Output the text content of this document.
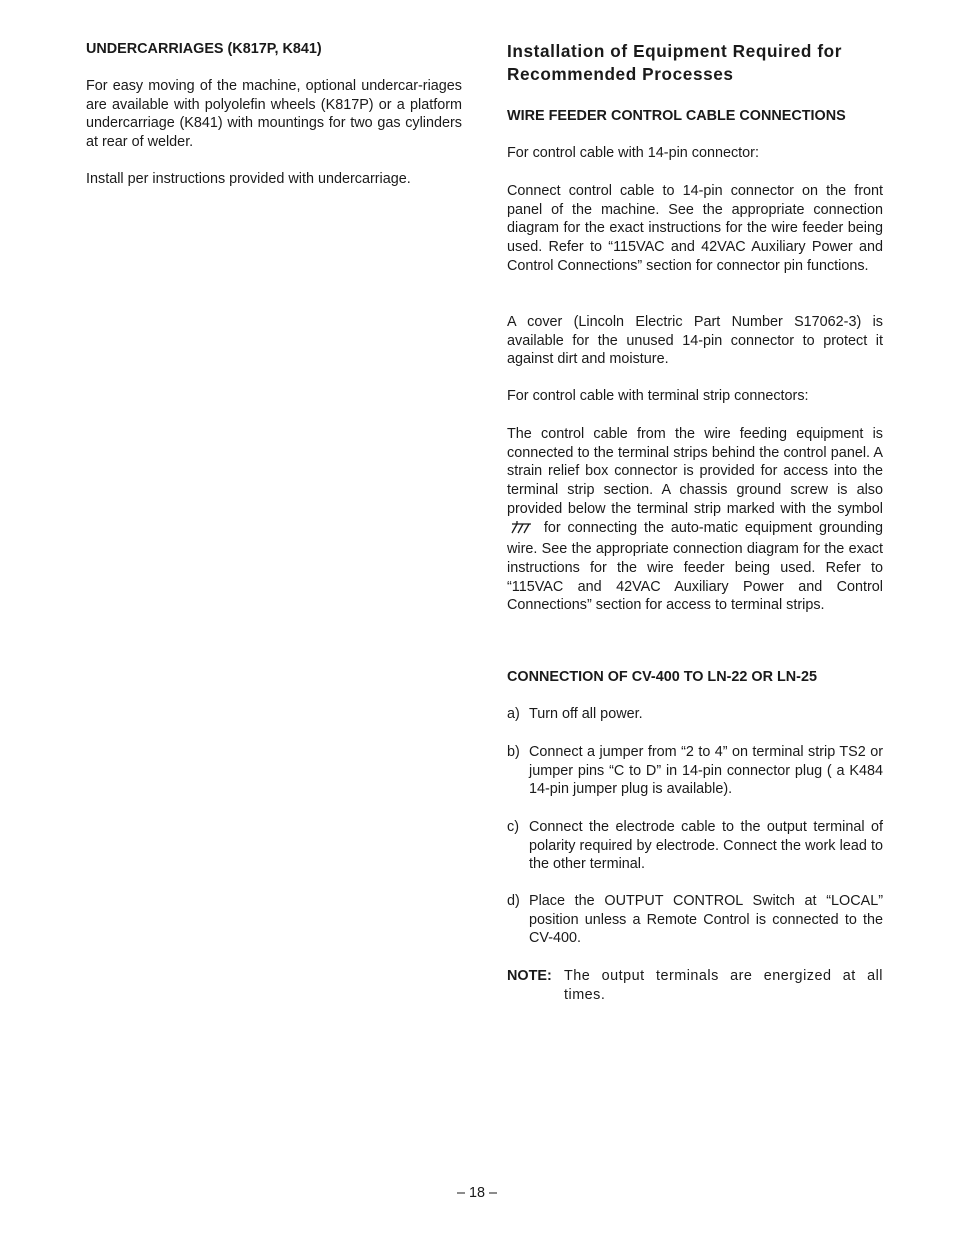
UNDERCARRIAGES (K817P, K841)

For easy moving of the machine, optional undercar-riages are available with polyolefin wheels (K817P) or a platform undercarriage (K841) with mountings for two gas cylinders at rear of welder.

Install per instructions provided with undercarriage.

Installation of Equipment Required for Recommended Processes
WIRE FEEDER CONTROL CABLE CONNECTIONS

For control cable with 14-pin connector:

Connect control cable to 14-pin connector on the front panel of the machine. See the appropriate connection diagram for the exact instructions for the wire feeder being used. Refer to “115VAC and 42VAC Auxiliary Power and Control Connections” section for connector pin functions.

A cover (Lincoln Electric Part Number S17062-3) is available for the unused 14-pin connector to protect it against dirt and moisture.

For control cable with terminal strip connectors:

The control cable from the wire feeding equipment is connected to the terminal strips behind the control panel. A strain relief box connector is provided for access into the terminal strip section. A chassis ground screw is also provided below the terminal strip marked with the symbol  for connecting the auto-matic equipment grounding wire. See the appropriate connection diagram for the exact instructions for the wire feeder being used. Refer to “115VAC and 42VAC Auxiliary Power and Control Connections” section for access to terminal strips.

CONNECTION OF CV-400 TO LN-22 OR LN-25
a) Turn off all power.
b) Connect a jumper from “2 to 4” on terminal strip TS2 or jumper pins “C to D” in 14-pin connector plug ( a K484 14-pin jumper plug is available).
c) Connect the electrode cable to the output terminal of polarity required by electrode. Connect the work lead to the other terminal.
d) Place the OUTPUT CONTROL Switch at “LOCAL” position unless a Remote Control is connected to the CV-400.
NOTE: The output terminals are energized at all times.
– 18 –
